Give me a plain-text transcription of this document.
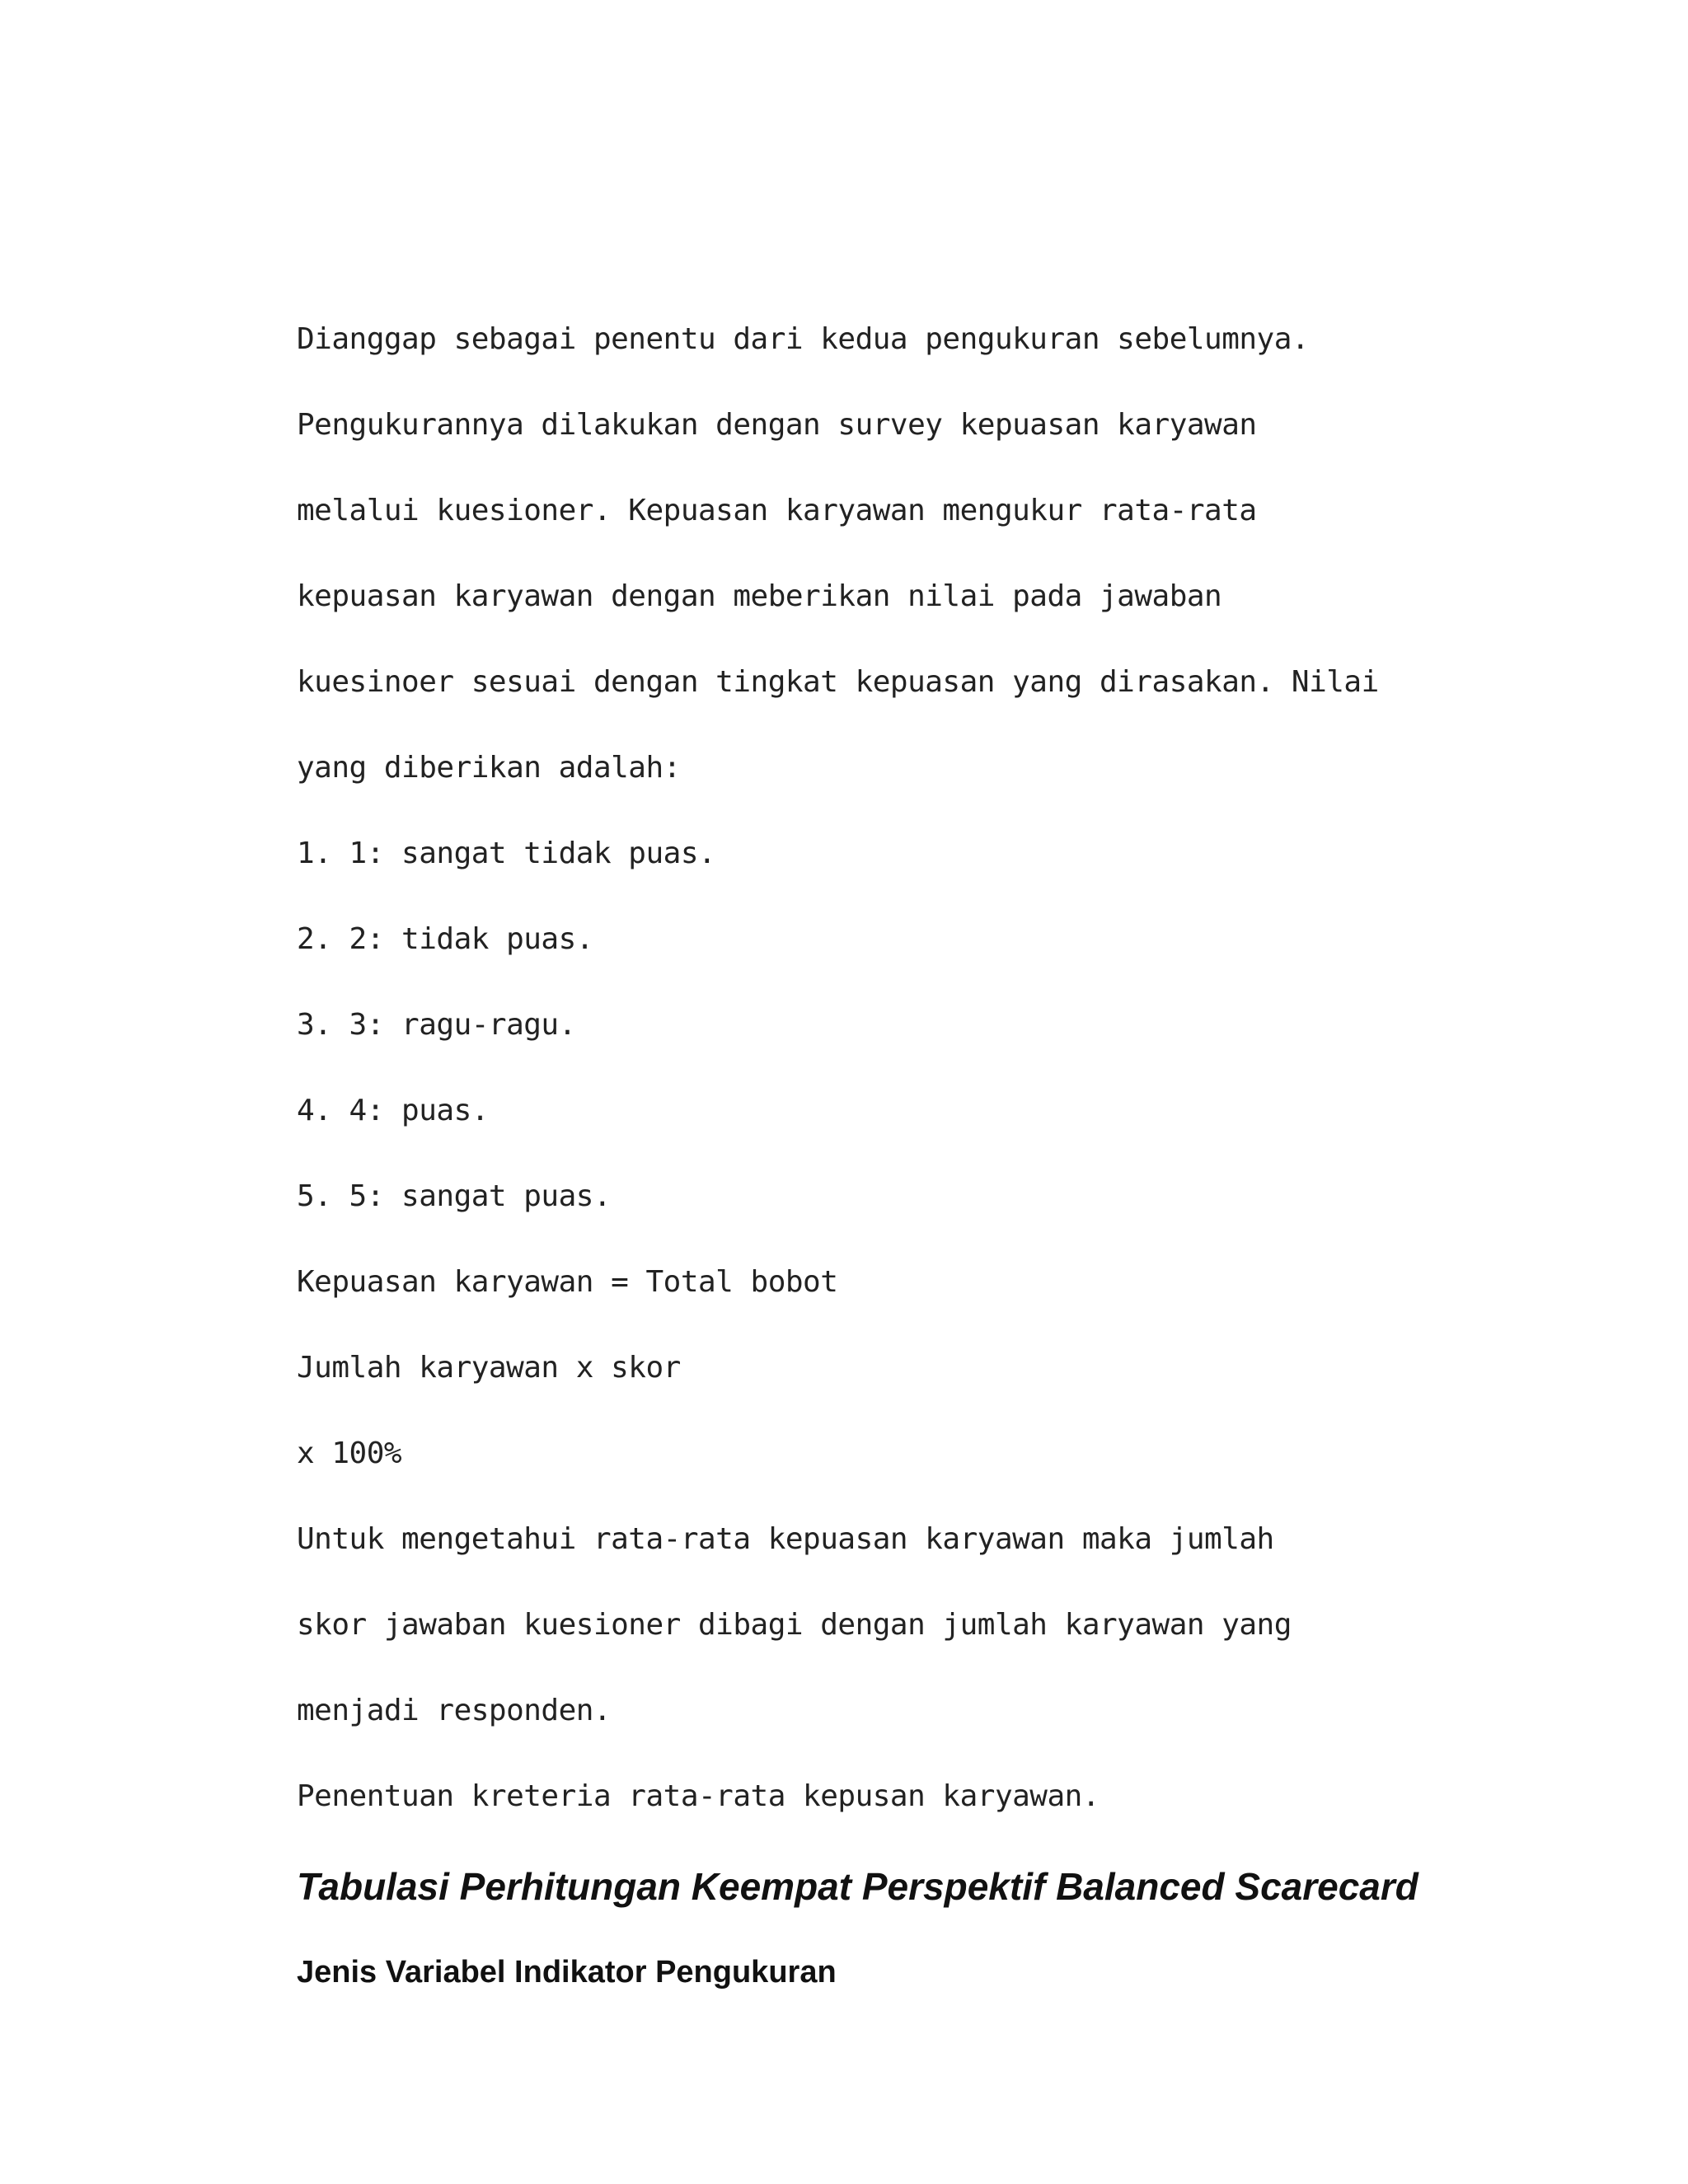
Dianggap sebagai penentu dari kedua pengukuran sebelumnya.

Pengukurannya dilakukan dengan survey kepuasan karyawan

melalui kuesioner. Kepuasan karyawan mengukur rata-rata

kepuasan karyawan dengan meberikan nilai pada jawaban

kuesinoer sesuai dengan tingkat kepuasan yang dirasakan. Nilai

yang diberikan adalah:

1. 1: sangat tidak puas.

2. 2: tidak puas.

3. 3: ragu-ragu.

4. 4: puas.

5. 5: sangat puas.

Kepuasan karyawan = Total bobot

Jumlah karyawan x skor

x 100%

Untuk mengetahui rata-rata kepuasan karyawan maka jumlah

skor jawaban kuesioner dibagi dengan jumlah karyawan yang

menjadi responden.

Penentuan kreteria rata-rata kepusan karyawan.

Tabulasi Perhitungan Keempat Perspektif Balanced Scarecard
Jenis Variabel Indikator Pengukuran
